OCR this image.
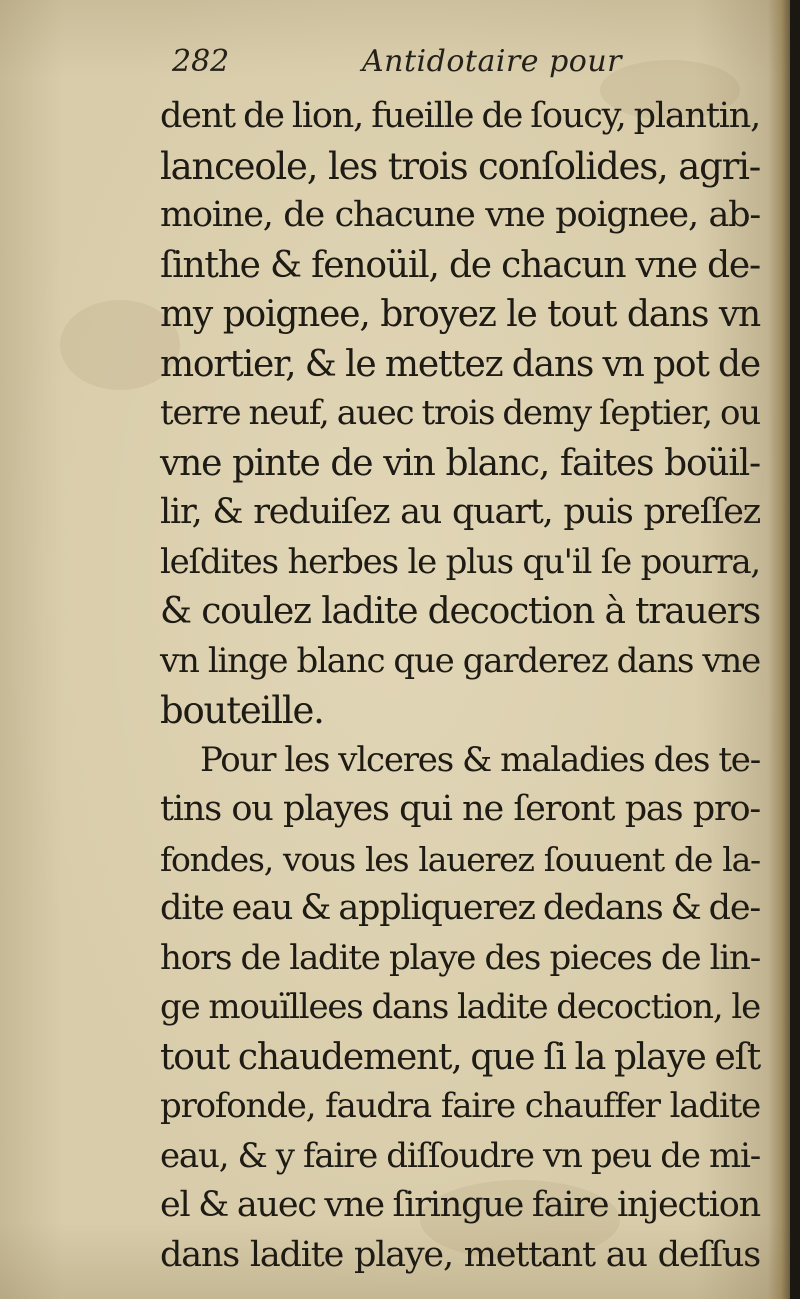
282	Antidotaire pour
dent de lion, fueille de ſoucy, plantin,
lanceole, les trois conſolides, agri-
moine, de chacune vne poignee, ab-
ſinthe & fenoüil, de chacun vne de-
my poignee, broyez le tout dans vn
mortier, & le mettez dans vn pot de
terre neuf, auec trois demy ſeptier, ou
vne pinte de vin blanc, faites boüil-
lir, & reduiſez au quart, puis preſſez
leſdites herbes le plus qu'il ſe pourra,
& coulez ladite decoction à trauers
vn linge blanc que garderez dans vne
bouteille.
Pour les vlceres & maladies des te-
tins ou playes qui ne ſeront pas pro-
fondes, vous les lauerez ſouuent de la-
dite eau & appliquerez dedans & de-
hors de ladite playe des pieces de lin-
ge mouïllees dans ladite decoction, le
tout chaudement, que ſi la playe eſt
profonde, faudra faire chauffer ladite
eau, & y faire diſſoudre vn peu de mi-
el & auec vne ſiringue faire injection
dans ladite playe, mettant au deſſus
